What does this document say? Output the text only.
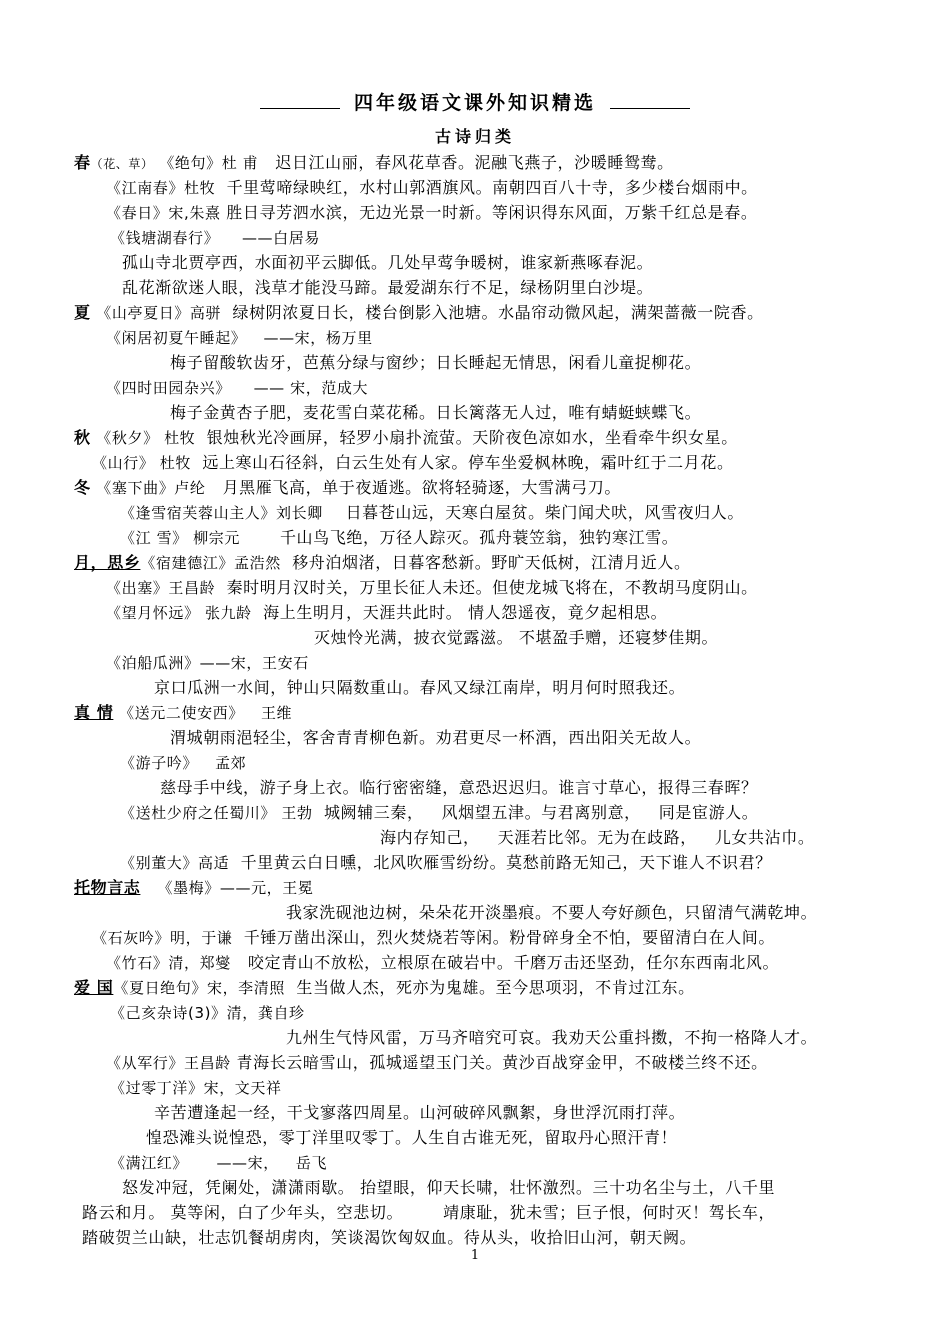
四年级语文课外知识精选
古诗归类
春（花、草） 《绝句》杜 甫 迟日江山丽，春风花草香。泥融飞燕子，沙暖睡鸳鸯。
《江南春》杜牧 千里莺啼绿映红，水村山郭酒旗风。南朝四百八十寺，多少楼台烟雨中。
《春日》宋,朱熹 胜日寻芳泗水滨，无边光景一时新。等闲识得东风面，万紫千红总是春。
《钱塘湖春行》 ——白居易
孤山寺北贾亭西，水面初平云脚低。几处早莺争暖树，谁家新燕啄春泥。
乱花渐欲迷人眼，浅草才能没马蹄。最爱湖东行不足，绿杨阴里白沙堤。
夏 《山亭夏日》高骈 绿树阴浓夏日长，楼台倒影入池塘。水晶帘动微风起，满架蔷薇一院香。
《闲居初夏午睡起》 ——宋，杨万里
梅子留酸软齿牙，芭蕉分绿与窗纱；日长睡起无情思，闲看儿童捉柳花。
《四时田园杂兴》 —— 宋，范成大
梅子金黄杏子肥，麦花雪白菜花稀。日长篱落无人过，唯有蜻蜓蛱蝶飞。
秋 《秋夕》 杜牧 银烛秋光冷画屏，轻罗小扇扑流萤。天阶夜色凉如水，坐看牵牛织女星。
《山行》 杜牧 远上寒山石径斜，白云生处有人家。停车坐爱枫林晚，霜叶红于二月花。
冬 《塞下曲》卢纶 月黑雁飞高，单于夜遁逃。欲将轻骑逐，大雪满弓刀。
《逢雪宿芙蓉山主人》刘长卿 日暮苍山远，天寒白屋贫。柴门闻犬吠，风雪夜归人。
《江 雪》 柳宗元	千山鸟飞绝，万径人踪灭。孤舟蓑笠翁，独钓寒江雪。
月，思乡《宿建德江》孟浩然 移舟泊烟渚，日暮客愁新。野旷天低树，江清月近人。
《出塞》王昌龄 秦时明月汉时关，万里长征人未还。但使龙城飞将在，不教胡马度阴山。
《望月怀远》 张九龄 海上生明月，天涯共此时。 情人怨遥夜，竟夕起相思。
灭烛怜光满，披衣觉露滋。 不堪盈手赠，还寝梦佳期。
《泊船瓜洲》——宋，王安石
京口瓜洲一水间，钟山只隔数重山。春风又绿江南岸，明月何时照我还。
真 情 《送元二使安西》 王维
渭城朝雨浥轻尘，客舍青青柳色新。劝君更尽一杯酒，西出阳关无故人。
《游子吟》 孟郊
慈母手中线，游子身上衣。临行密密缝，意恐迟迟归。谁言寸草心，报得三春晖？
《送杜少府之任蜀川》 王勃 城阙辅三秦， 风烟望五津。与君离别意， 同是宦游人。
海内存知己， 天涯若比邻。无为在歧路， 儿女共沾巾。
《别董大》高适 千里黄云白日曛，北风吹雁雪纷纷。莫愁前路无知己，天下谁人不识君？
托物言志 《墨梅》——元，王冕
我家洗砚池边树，朵朵花开淡墨痕。不要人夸好颜色，只留清气满乾坤。
《石灰吟》明，于谦 千锤万凿出深山，烈火焚烧若等闲。粉骨碎身全不怕，要留清白在人间。
《竹石》清，郑燮 咬定青山不放松，立根原在破岩中。千磨万击还坚劲，任尔东西南北风。
爱 国《夏日绝句》宋，李清照 生当做人杰，死亦为鬼雄。至今思项羽，不肯过江东。
《己亥杂诗(3)》清，龚自珍
九州生气恃风雷，万马齐喑究可哀。我劝天公重抖擞，不拘一格降人才。
《从军行》王昌龄 青海长云暗雪山，孤城遥望玉门关。黄沙百战穿金甲，不破楼兰终不还。
《过零丁洋》宋，文天祥
辛苦遭逢起一经，干戈寥落四周星。山河破碎风飘絮，身世浮沉雨打萍。
惶恐滩头说惶恐，零丁洋里叹零丁。人生自古谁无死，留取丹心照汗青！
《满江红》 ——宋， 岳飞
怒发冲冠，凭阑处，潇潇雨歇。 抬望眼，仰天长啸，壮怀激烈。三十功名尘与土，八千里
路云和月。 莫等闲，白了少年头，空悲切。	靖康耻，犹未雪；巨子恨，何时灭！驾长车，
踏破贺兰山缺，壮志饥餐胡虏肉，笑谈渴饮匈奴血。待从头，收拾旧山河，朝天阙。
1
